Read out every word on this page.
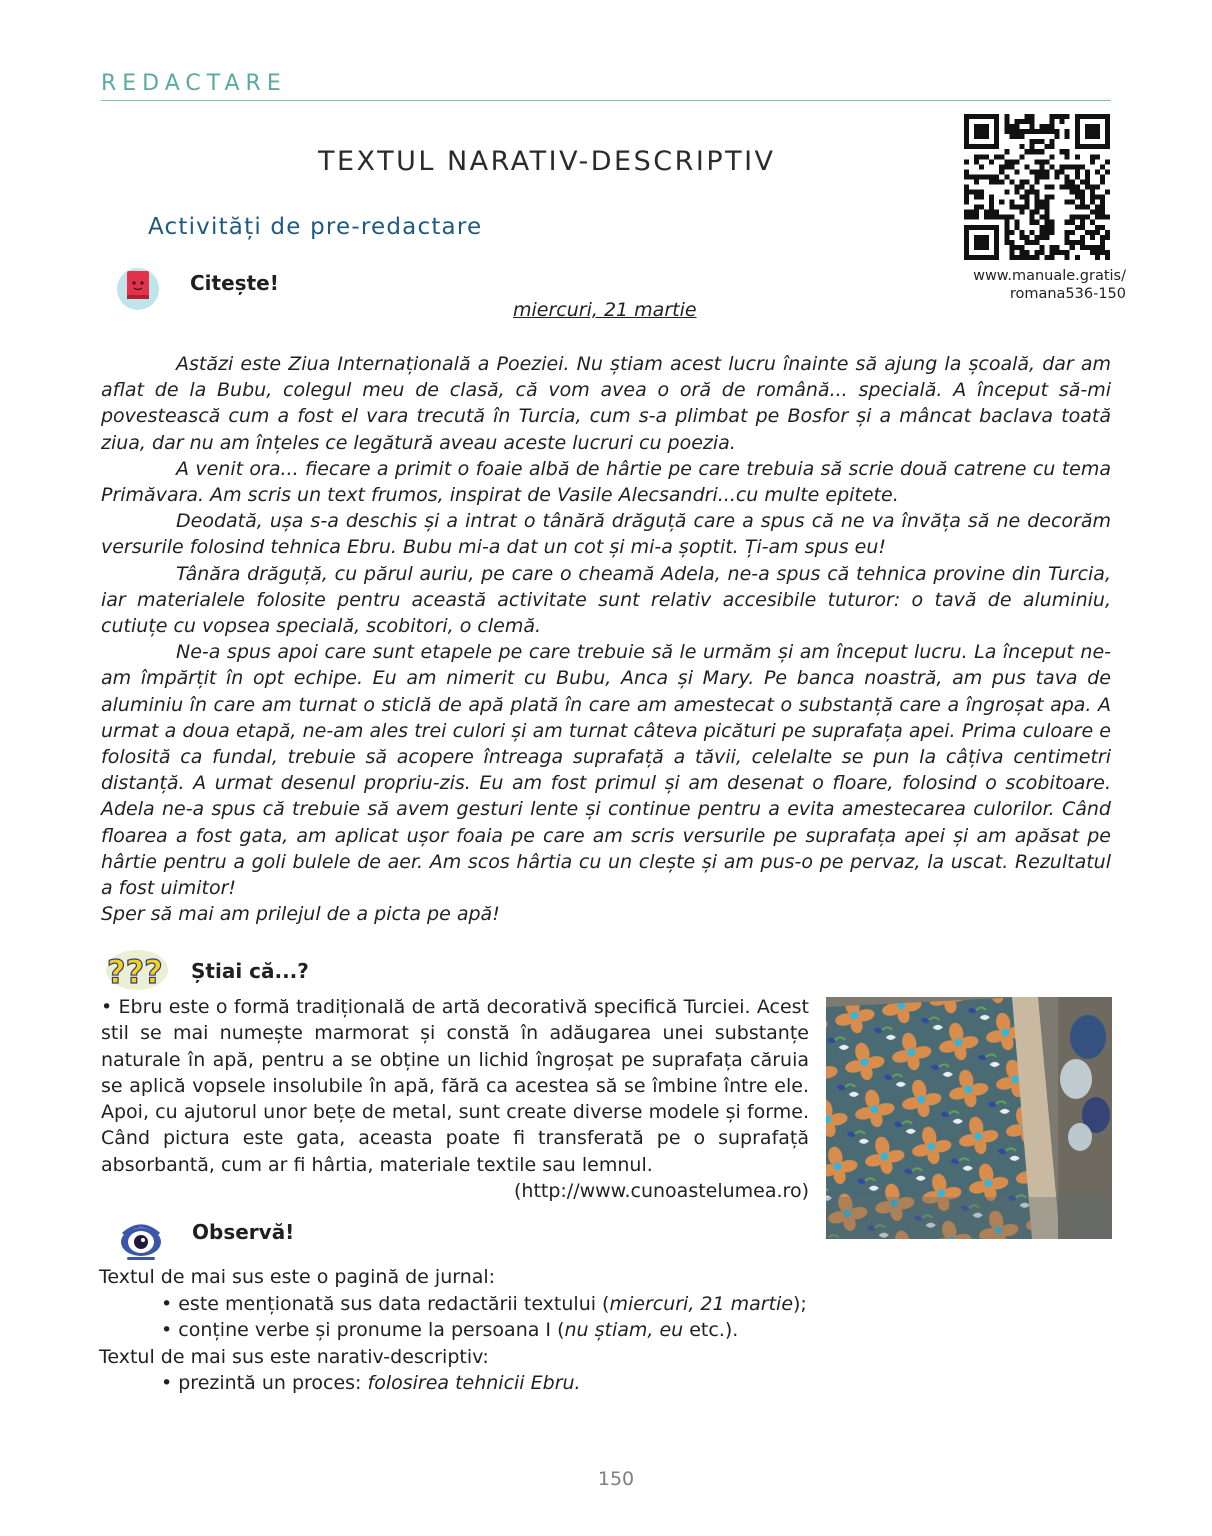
REDACTARE
TEXTUL NARATIV-DESCRIPTIV
Activități de pre-redactare
www.manuale.gratis/
romana536-150
Citește!
miercuri, 21 martie

Astăzi este Ziua Internațională a Poeziei. Nu știam acest lucru înainte să ajung la școală, dar am aflat de la Bubu, colegul meu de clasă, că vom avea o oră de română... specială. A început să-mi povestească cum a fost el vara trecută în Turcia, cum s-a plimbat pe Bosfor și a mâncat baclava toată ziua, dar nu am înțeles ce legătură aveau aceste lucruri cu poezia.

A venit ora... fiecare a primit o foaie albă de hârtie pe care trebuia să scrie două catrene cu tema Primăvara. Am scris un text frumos, inspirat de Vasile Alecsandri...cu multe epitete.

Deodată, ușa s-a deschis și a intrat o tânără drăguță care a spus că ne va învăța să ne decorăm versurile folosind tehnica Ebru. Bubu mi-a dat un cot și mi-a șoptit. Ți-am spus eu!

Tânăra drăguță, cu părul auriu, pe care o cheamă Adela, ne-a spus că tehnica provine din Turcia, iar materialele folosite pentru această activitate sunt relativ accesibile tuturor: o tavă de aluminiu, cutiuțe cu vopsea specială, scobitori, o clemă.

Ne-a spus apoi care sunt etapele pe care trebuie să le urmăm și am început lucru. La început ne-am împărțit în opt echipe. Eu am nimerit cu Bubu, Anca și Mary. Pe banca noastră, am pus tava de aluminiu în care am turnat o sticlă de apă plată în care am amestecat o substanță care a îngroșat apa. A urmat a doua etapă, ne-am ales trei culori și am turnat câteva picături pe suprafața apei. Prima culoare e folosită ca fundal, trebuie să acopere întreaga suprafață a tăvii, celelalte se pun la câțiva centimetri distanță. A urmat desenul propriu-zis. Eu am fost primul și am desenat o floare, folosind o scobitoare. Adela ne-a spus că trebuie să avem gesturi lente și continue pentru a evita amestecarea culorilor. Când floarea a fost gata, am aplicat ușor foaia pe care am scris versurile pe suprafața apei și am apăsat pe hârtie pentru a goli bulele de aer. Am scos hârtia cu un clește și am pus-o pe pervaz, la uscat. Rezultatul a fost uimitor!

Sper să mai am prilejul de a picta pe apă!

??? Știai că...?
• Ebru este o formă tradițională de artă decorativă specifică Turciei. Acest stil se mai numește marmorat și constă în adăugarea unei substanțe naturale în apă, pentru a se obține un lichid îngroșat pe suprafața căruia se aplică vopsele insolubile în apă, fără ca acestea să se îmbine între ele. Apoi, cu ajutorul unor bețe de metal, sunt create diverse modele și forme. Când pictura este gata, aceasta poate fi transferată pe o suprafață absorbantă, cum ar fi hârtia, materiale textile sau lemnul.
(http://www.cunoastelumea.ro)
Observă!
Textul de mai sus este o pagină de jurnal:
• este menționată sus data redactării textului (miercuri, 21 martie);
• conține verbe și pronume la persoana I (nu știam, eu etc.).
Textul de mai sus este narativ-descriptiv:
• prezintă un proces: folosirea tehnicii Ebru.
150
